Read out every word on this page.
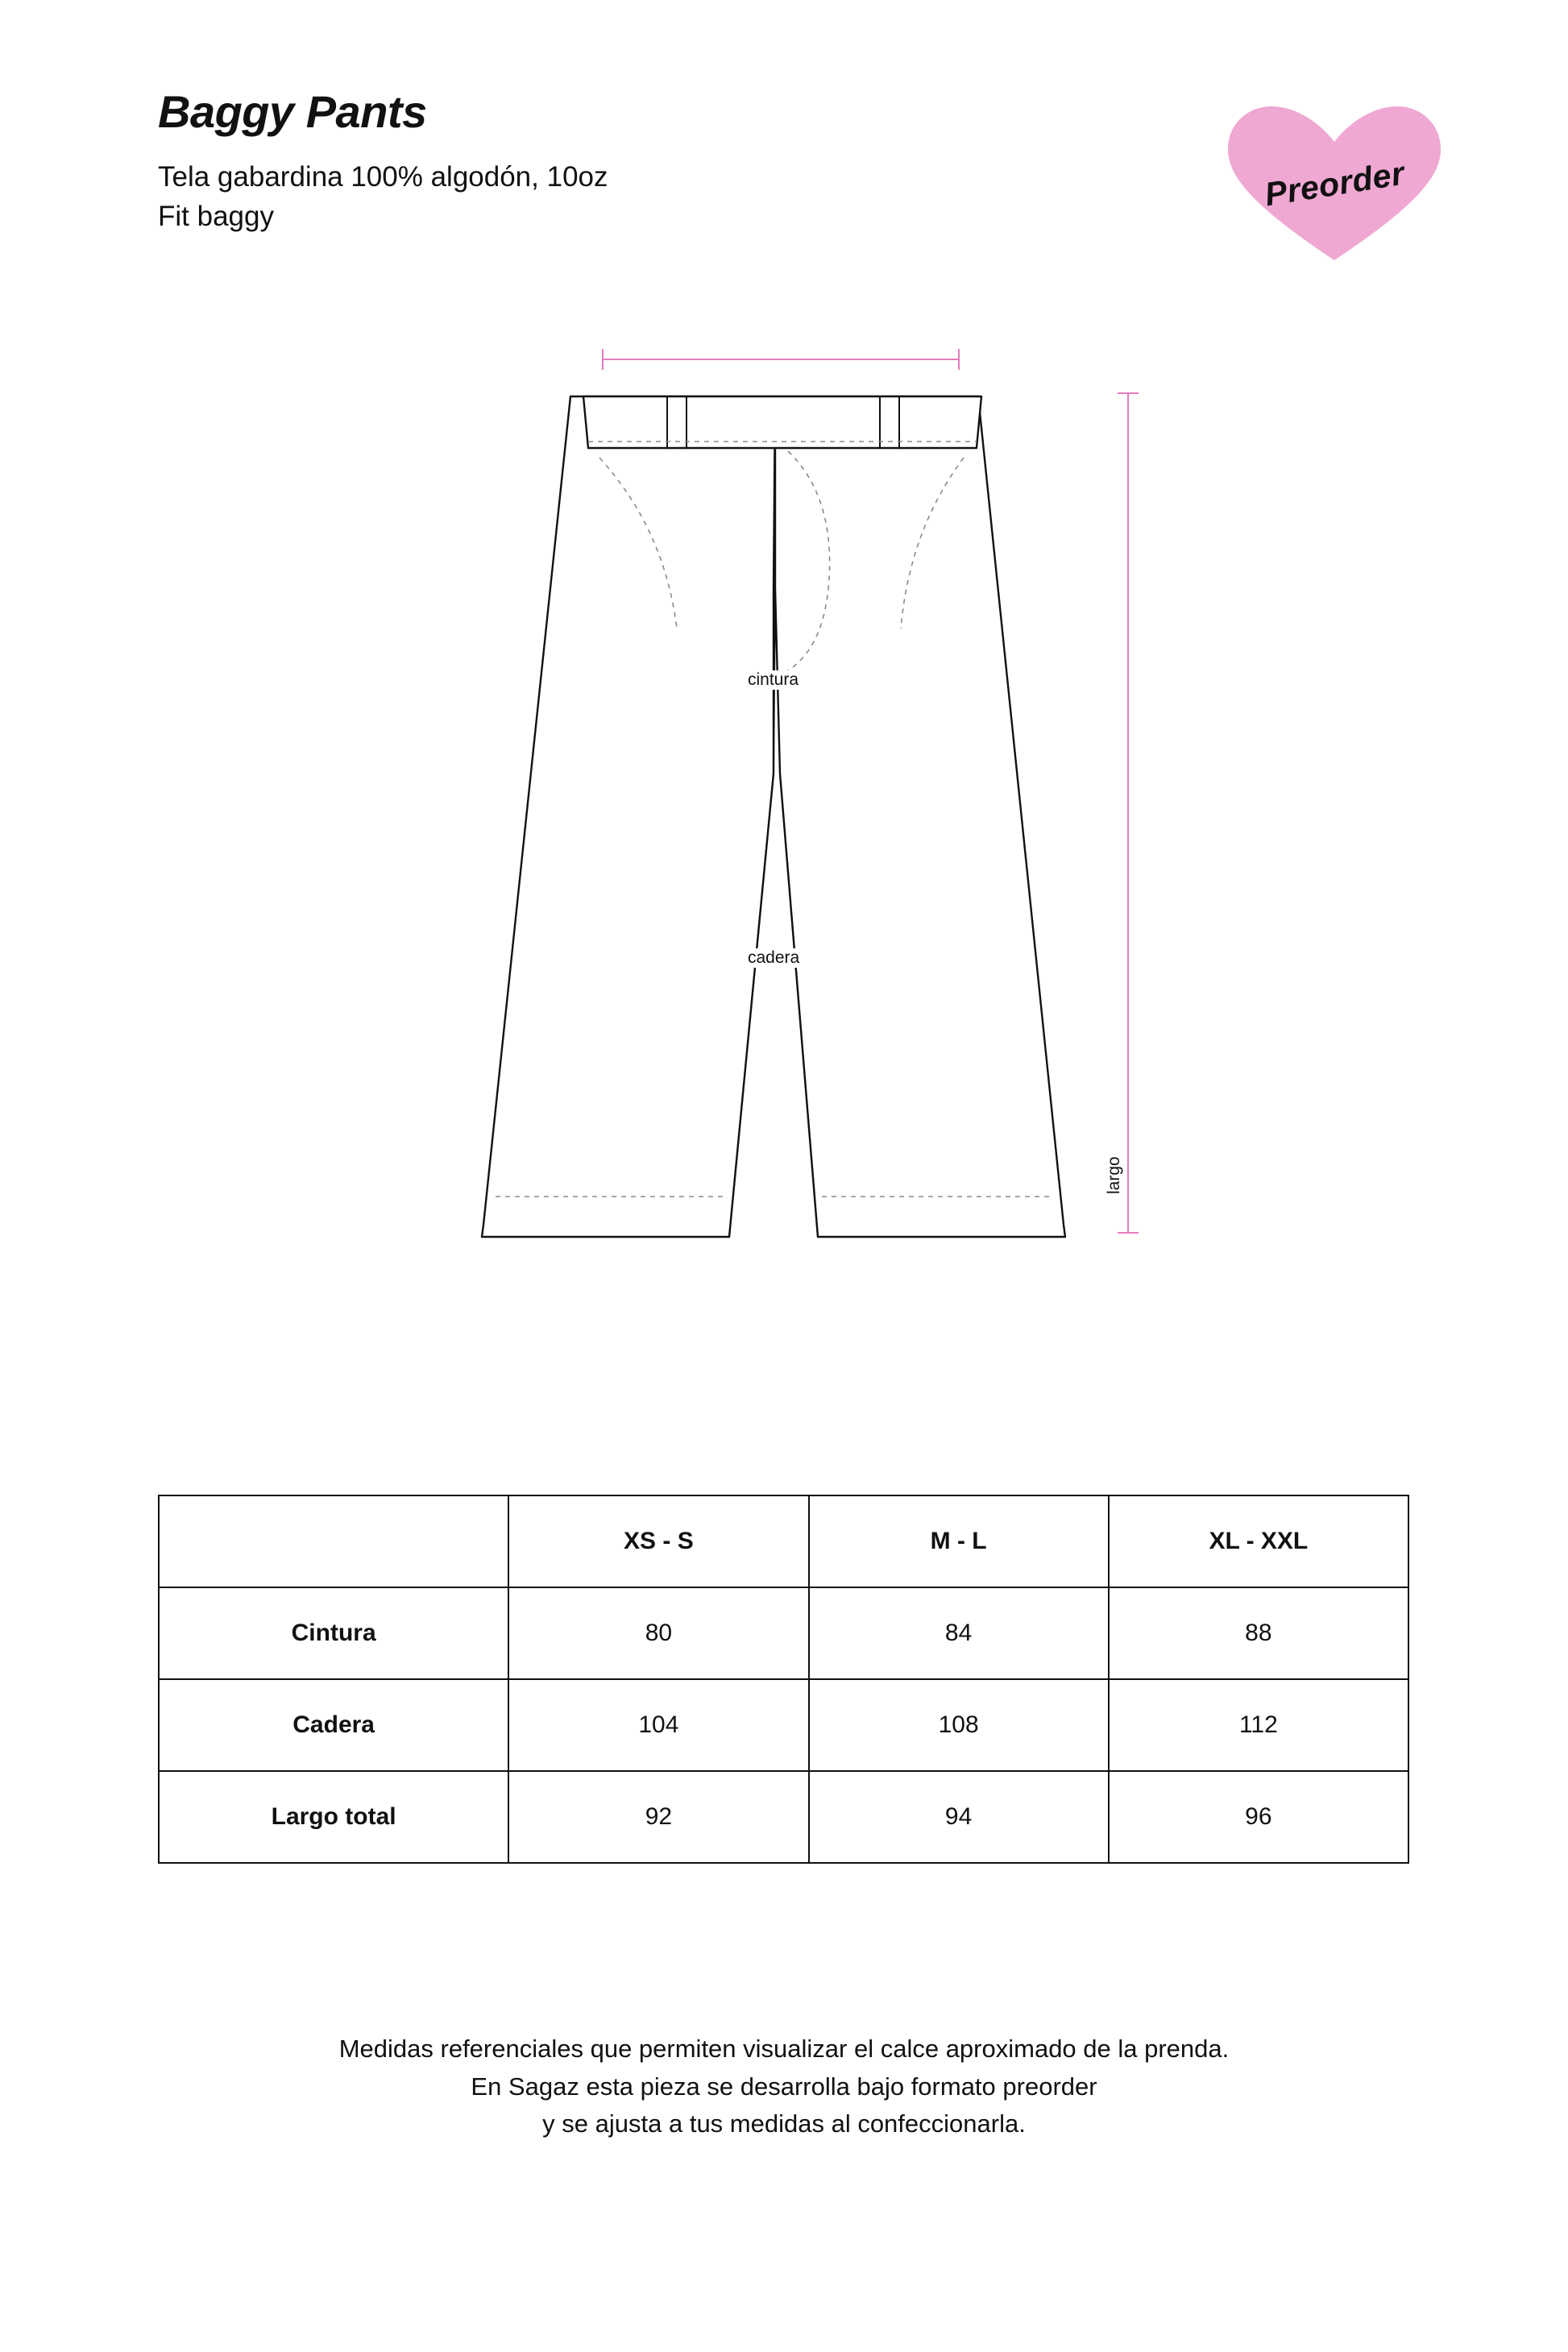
Baggy Pants

Tela gabardina 100% algodón, 10oz
Fit baggy

Preorder
cintura
cadera
largo
	XS - S	M - L	XL - XXL
Cintura	80	84	88
Cadera	104	108	112
Largo total	92	94	96
Medidas referenciales que permiten visualizar el calce aproximado de la prenda.
En Sagaz esta pieza se desarrolla bajo formato preorder
y se ajusta a tus medidas al confeccionarla.
